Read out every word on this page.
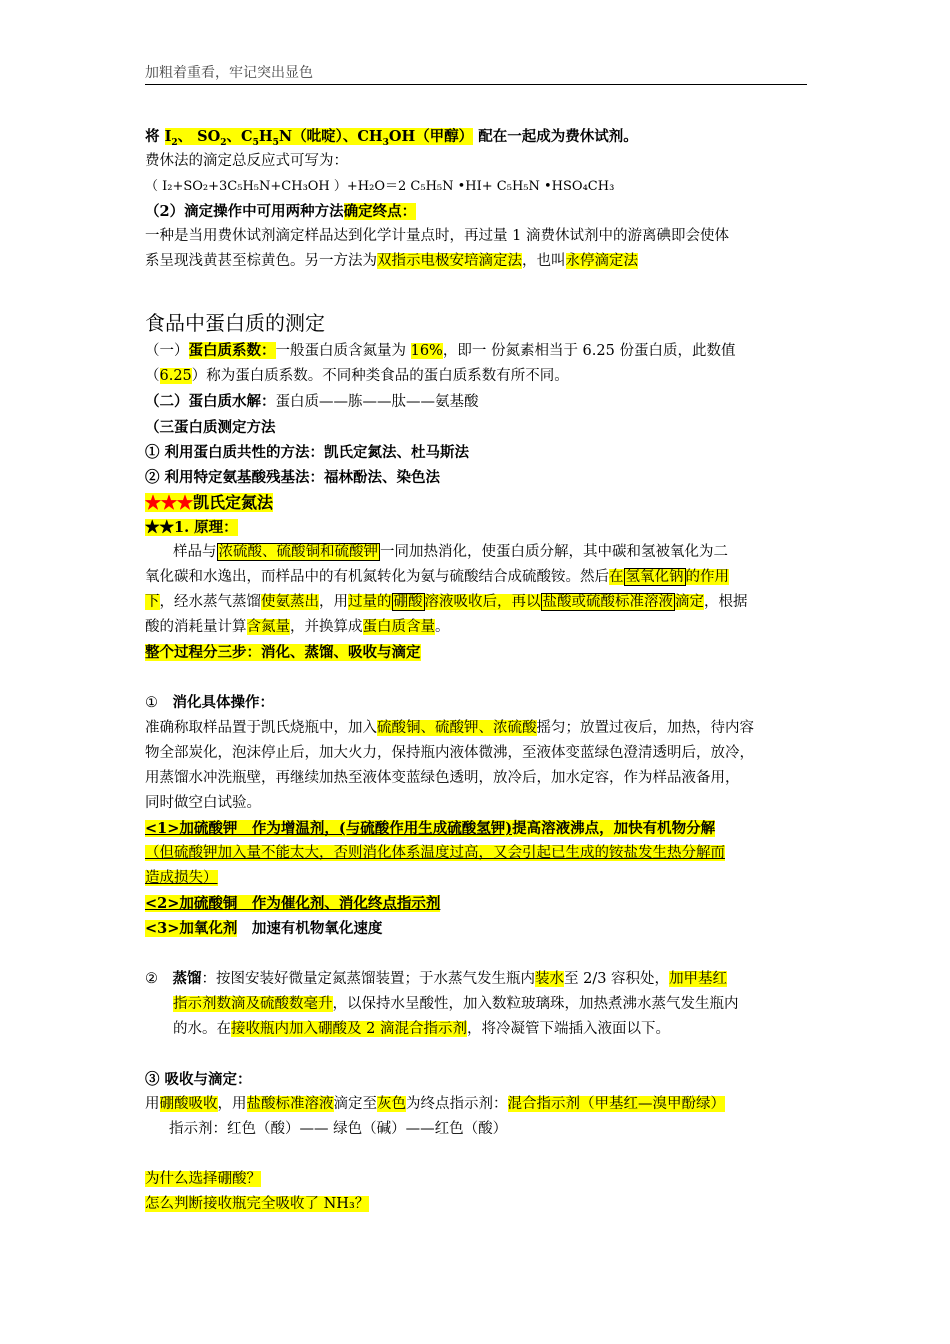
加粗着重看，牢记突出显色
将 $I_2$、 $SO_2$、$C_5H_5N$（吡啶）、$CH_3OH$（甲醇） 配在一起成为费休试剂。
费休法的滴定总反应式可写为：
（ I₂+SO₂+3C₅H₅N+CH₃OH ）+H₂O＝2 C₅H₅N •HI+ C₅H₅N •HSO₄CH₃
（2）滴定操作中可用两种方法确定终点：
一种是当用费休试剂滴定样品达到化学计量点时，再过量 1 滴费休试剂中的游离碘即会使体
系呈现浅黄甚至棕黄色。另一方法为双指示电极安培滴定法，也叫永停滴定法
食品中蛋白质的测定
（一）蛋白质系数：一般蛋白质含氮量为 16%，即一 份氮素相当于 6.25 份蛋白质，此数值
（6.25）称为蛋白质系数。不同种类食品的蛋白质系数有所不同。
（二）蛋白质水解：蛋白质——胨——肽——氨基酸
（三蛋白质测定方法
① 利用蛋白质共性的方法：凯氏定氮法、杜马斯法
② 利用特定氨基酸残基法：福林酚法、染色法
★★★凯氏定氮法
★★1. 原理：
样品与 浓硫酸、硫酸铜和硫酸钾 一同加热消化，使蛋白质分解，其中碳和氢被氧化为二
氧化碳和水逸出，而样品中的有机氮转化为氨与硫酸结合成硫酸铵。然后在 氢氧化钠 的作用
下，经水蒸气蒸馏使氨蒸出，用过量的 硼酸 溶液吸收后，再以 盐酸或硫酸标准溶液 滴定，根据
酸的消耗量计算含氮量，并换算成蛋白质含量。
整个过程分三步：消化、蒸馏、吸收与滴定
①　 消化具体操作：
准确称取样品置于凯氏烧瓶中，加入硫酸铜、硫酸钾、浓硫酸摇匀；放置过夜后，加热，待内容
物全部炭化，泡沫停止后，加大火力，保持瓶内液体微沸，至液体变蓝绿色澄清透明后，放冷，
用蒸馏水冲洗瓶壁，再继续加热至液体变蓝绿色透明，放冷后，加水定容，作为样品液备用，
同时做空白试验。
<1>加硫酸钾　作为增温剂，(与硫酸作用生成硫酸氢钾)提高溶液沸点，加快有机物分解
（但硫酸钾加入量不能太大，否则消化体系温度过高，又会引起已生成的铵盐发生热分解而
造成损失）
<2>加硫酸铜　作为催化剂、消化终点指示剂
<3>加氧化剂　加速有机物氧化速度
②　 蒸馏：按图安装好微量定氮蒸馏装置；于水蒸气发生瓶内装水至 2/3 容积处，加甲基红
指示剂数滴及硫酸数毫升，以保持水呈酸性，加入数粒玻璃珠，加热煮沸水蒸气发生瓶内
的水。在接收瓶内加入硼酸及 2 滴混合指示剂，将冷凝管下端插入液面以下。
③ 吸收与滴定：
用硼酸吸收，用盐酸标准溶液滴定至灰色为终点指示剂：混合指示剂（甲基红—溴甲酚绿）
指示剂：红色（酸）—— 绿色（碱）——红色（酸）
为什么选择硼酸？
怎么判断接收瓶完全吸收了 NH₃？
